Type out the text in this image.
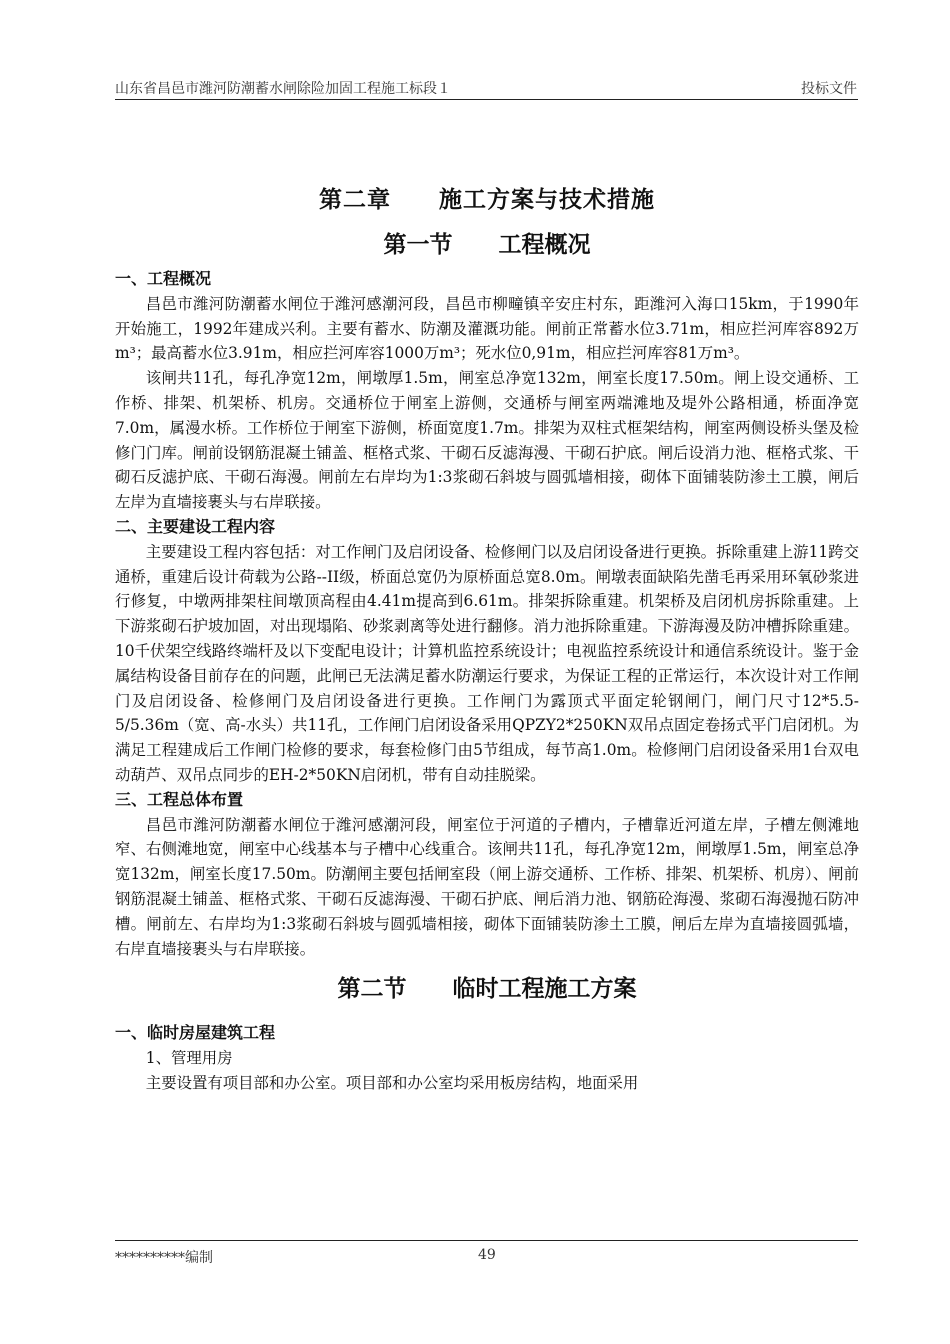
山东省昌邑市潍河防潮蓄水闸除险加固工程施工标段１	投标文件
第二章　　施工方案与技术措施
第一节　　工程概况
一、工程概况

昌邑市潍河防潮蓄水闸位于潍河感潮河段，昌邑市柳疃镇辛安庄村东，距潍河入海口15km，于1990年开始施工，1992年建成兴利。主要有蓄水、防潮及灌溉功能。闸前正常蓄水位3.71m，相应拦河库容892万m³；最高蓄水位3.91m，相应拦河库容1000万m³；死水位0,91m，相应拦河库容81万m³。

该闸共11孔，每孔净宽12m，闸墩厚1.5m，闸室总净宽132m，闸室长度17.50m。闸上设交通桥、工作桥、排架、机架桥、机房。交通桥位于闸室上游侧，交通桥与闸室两端滩地及堤外公路相通，桥面净宽7.0m，属漫水桥。工作桥位于闸室下游侧，桥面宽度1.7m。排架为双柱式框架结构，闸室两侧设桥头堡及检修门门库。闸前设钢筋混凝土铺盖、框格式浆、干砌石反滤海漫、干砌石护底。闸后设消力池、框格式浆、干砌石反滤护底、干砌石海漫。闸前左右岸均为1:3浆砌石斜坡与圆弧墙相接，砌体下面铺装防渗土工膜，闸后左岸为直墙接裹头与右岸联接。

二、主要建设工程内容

主要建设工程内容包括：对工作闸门及启闭设备、检修闸门以及启闭设备进行更换。拆除重建上游11跨交通桥，重建后设计荷载为公路--II级，桥面总宽仍为原桥面总宽8.0m。闸墩表面缺陷先凿毛再采用环氧砂浆进行修复，中墩两排架柱间墩顶高程由4.41m提高到6.61m。排架拆除重建。机架桥及启闭机房拆除重建。上下游浆砌石护坡加固，对出现塌陷、砂浆剥离等处进行翻修。消力池拆除重建。下游海漫及防冲槽拆除重建。10千伏架空线路终端杆及以下变配电设计；计算机监控系统设计；电视监控系统设计和通信系统设计。鉴于金属结构设备目前存在的问题，此闸已无法满足蓄水防潮运行要求，为保证工程的正常运行，本次设计对工作闸门及启闭设备、检修闸门及启闭设备进行更换。工作闸门为露顶式平面定轮钢闸门，闸门尺寸12*5.5-5/5.36m（宽、高-水头）共11孔，工作闸门启闭设备采用QPZY2*250KN双吊点固定卷扬式平门启闭机。为满足工程建成后工作闸门检修的要求，每套检修门由5节组成，每节高1.0m。检修闸门启闭设备采用1台双电动葫芦、双吊点同步的EH-2*50KN启闭机，带有自动挂脱梁。

三、工程总体布置

昌邑市潍河防潮蓄水闸位于潍河感潮河段，闸室位于河道的子槽内，子槽靠近河道左岸，子槽左侧滩地窄、右侧滩地宽，闸室中心线基本与子槽中心线重合。该闸共11孔，每孔净宽12m，闸墩厚1.5m，闸室总净宽132m，闸室长度17.50m。防潮闸主要包括闸室段（闸上游交通桥、工作桥、排架、机架桥、机房）、闸前钢筋混凝土铺盖、框格式浆、干砌石反滤海漫、干砌石护底、闸后消力池、钢筋砼海漫、浆砌石海漫抛石防冲槽。闸前左、右岸均为1:3浆砌石斜坡与圆弧墙相接，砌体下面铺装防渗土工膜，闸后左岸为直墙接圆弧墙，右岸直墙接裹头与右岸联接。

第二节　　临时工程施工方案
一、临时房屋建筑工程

1、管理用房

主要设置有项目部和办公室。项目部和办公室均采用板房结构，地面采用

**********编制	49
